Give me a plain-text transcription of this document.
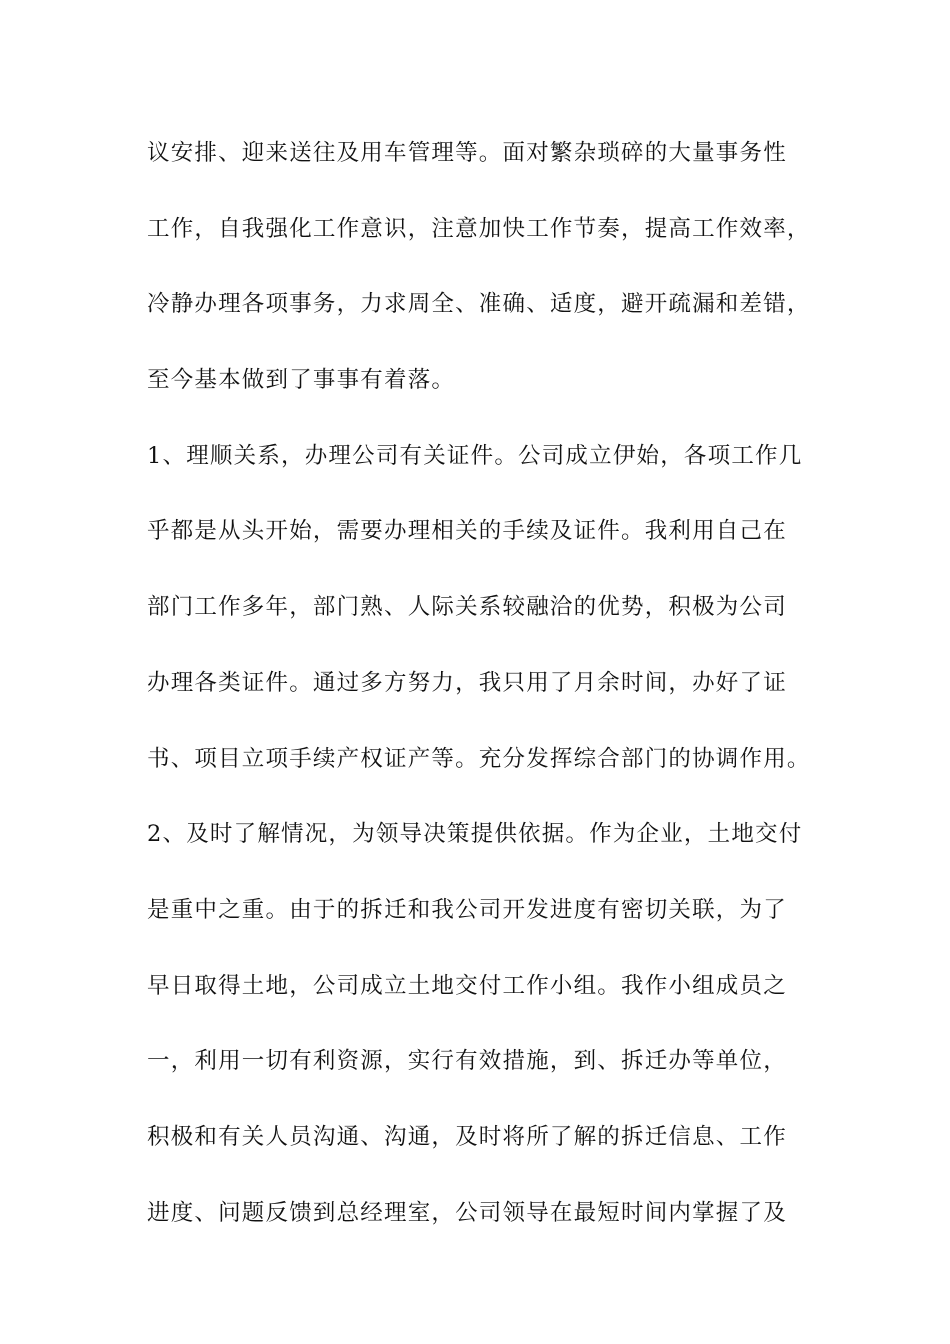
议安排、迎来送往及用车管理等。面对繁杂琐碎的大量事务性
工作，自我强化工作意识，注意加快工作节奏，提高工作效率，
冷静办理各项事务，力求周全、准确、适度，避开疏漏和差错，
至今基本做到了事事有着落。
1、理顺关系，办理公司有关证件。公司成立伊始，各项工作几
乎都是从头开始，需要办理相关的手续及证件。我利用自己在
部门工作多年，部门熟、人际关系较融洽的优势，积极为公司
办理各类证件。通过多方努力，我只用了月余时间，办好了证
书、项目立项手续产权证产等。充分发挥综合部门的协调作用。
2、及时了解情况，为领导决策提供依据。作为企业，土地交付
是重中之重。由于的拆迁和我公司开发进度有密切关联，为了
早日取得土地，公司成立土地交付工作小组。我作小组成员之
一，利用一切有利资源，实行有效措施，到、拆迁办等单位，
积极和有关人员沟通、沟通，及时将所了解的拆迁信息、工作
进度、问题反馈到总经理室，公司领导在最短时间内掌握了及
